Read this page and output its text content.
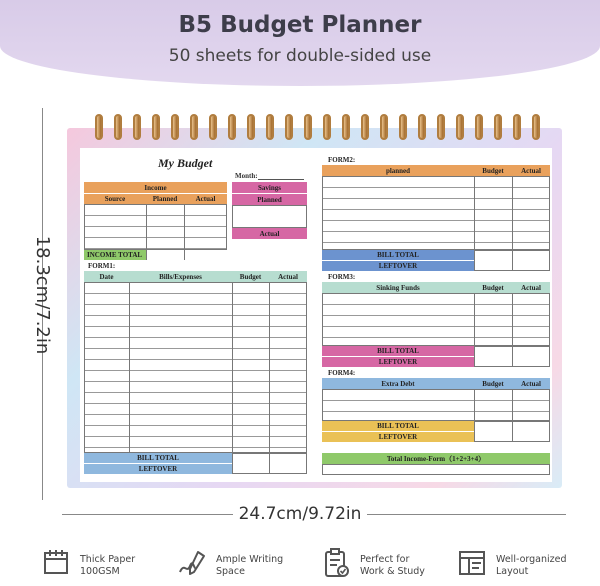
B5 Budget Planner
50 sheets for double-sided use
18.3cm/7.2in
My Budget
Month:
Income
Source	Planned	Actual
INCOME TOTAL
Savings
Planned
Actual
FORM1:
Date	Bills/Expenses	Budget	Actual
BILL TOTAL
LEFTOVER
FORM2:
planned	Budget	Actual
BILL TOTAL
LEFTOVER
FORM3:
Sinking Funds	Budget	Actual
BILL TOTAL
LEFTOVER
FORM4:
Extra Debt	Budget	Actual
BILL TOTAL
LEFTOVER
Total Income-Form（1+2+3+4）
24.7cm/9.72in
Thick Paper
100GSM
Ample Writing
Space
Perfect for
Work & Study
Well-organized
Layout
